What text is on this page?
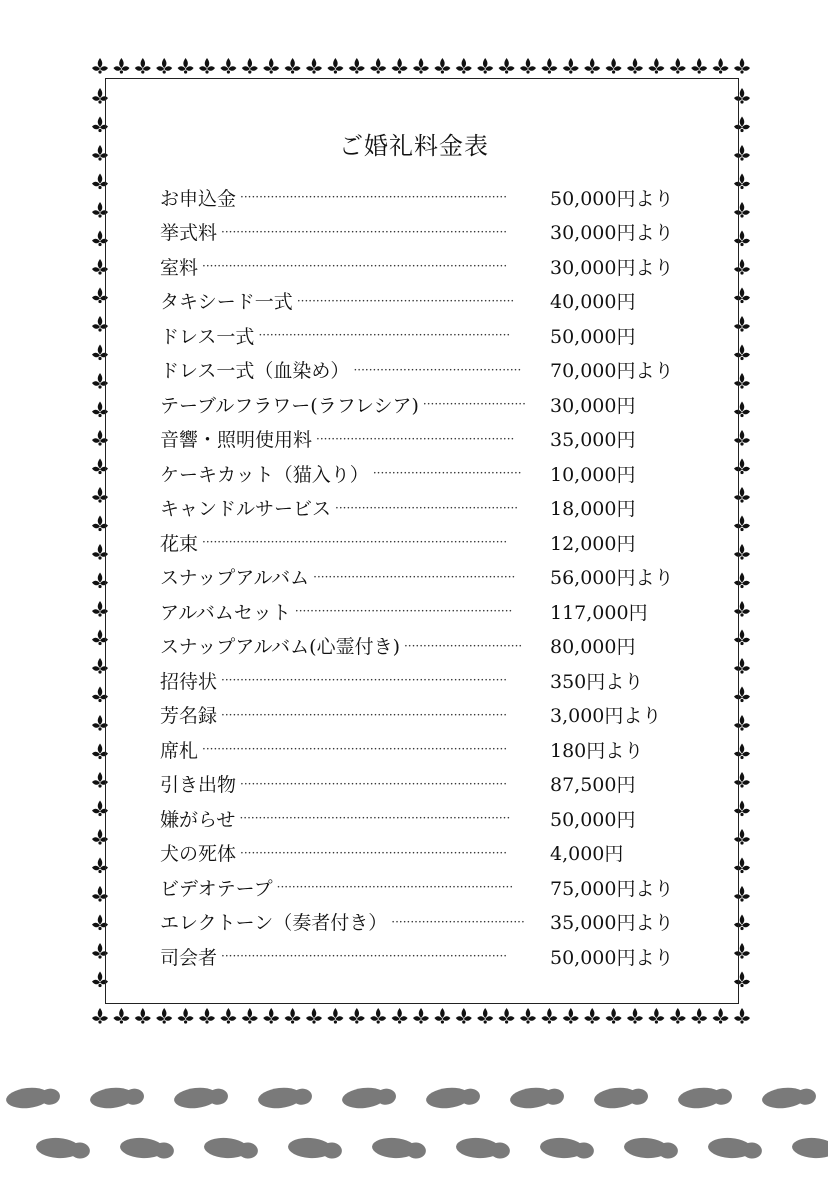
ご婚礼料金表
お申込金 ······································································	50,000円より
挙式料 ···········································································	30,000円より
室料 ················································································	30,000円より
タキシード一式 ·························································	40,000円
ドレス一式 ··································································	50,000円
ドレス一式（血染め） ············································	70,000円より
テーブルフラワー(ラフレシア) ···························	30,000円
音響・照明使用料 ····················································	35,000円
ケーキカット（猫入り） ·······································	10,000円
キャンドルサービス ················································	18,000円
花束 ················································································	12,000円
スナップアルバム ·····················································	56,000円より
アルバムセット ·························································	117,000円
スナップアルバム(心霊付き) ·······························	80,000円
招待状 ···········································································	350円より
芳名録 ···········································································	3,000円より
席札 ················································································	180円より
引き出物 ······································································	87,500円
嫌がらせ ·······································································	50,000円
犬の死体 ······································································	4,000円
ビデオテープ ······························································	75,000円より
エレクトーン（奏者付き） ···································	35,000円より
司会者 ···········································································	50,000円より
